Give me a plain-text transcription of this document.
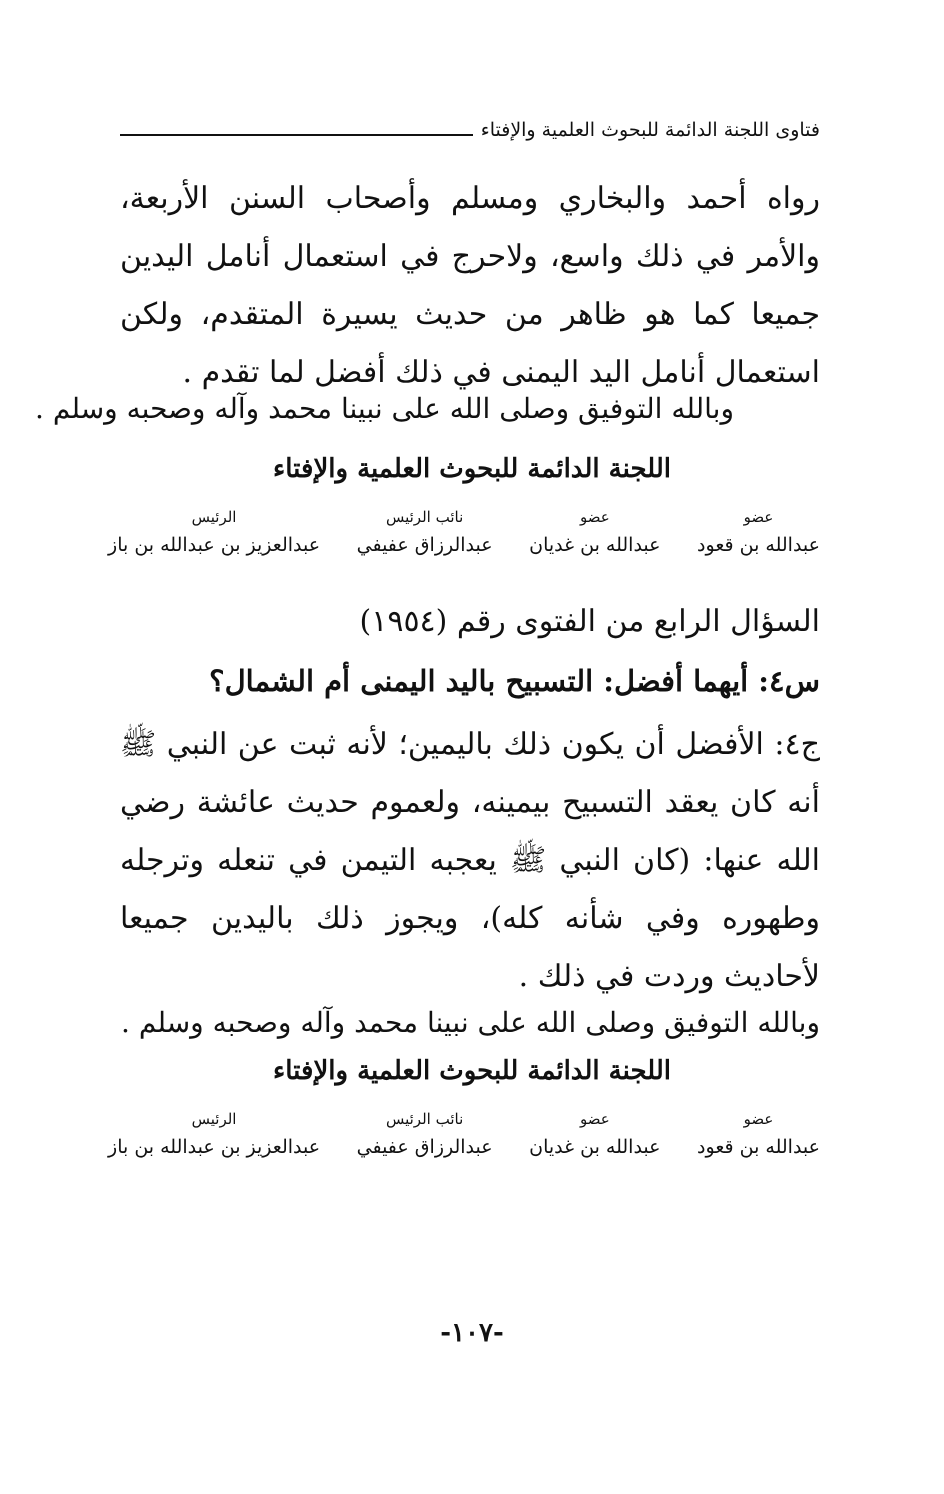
فتاوى اللجنة الدائمة للبحوث العلمية والإفتاء
رواه أحمد والبخاري ومسلم وأصحاب السنن الأربعة، والأمر في ذلك واسع، ولاحرج في استعمال أنامل اليدين جميعا كما هو ظاهر من حديث يسيرة المتقدم، ولكن استعمال أنامل اليد اليمنى في ذلك أفضل لما تقدم .
وبالله التوفيق وصلى الله على نبينا محمد وآله وصحبه وسلم .
اللجنة الدائمة للبحوث العلمية والإفتاء
عضو
عبدالله بن قعود
عضو
عبدالله بن غديان
نائب الرئيس
عبدالرزاق عفيفي
الرئيس
عبدالعزيز بن عبدالله بن باز
السؤال الرابع من الفتوى رقم (١٩٥٤)
س٤: أيهما أفضل: التسبيح باليد اليمنى أم الشمال؟
ج٤: الأفضل أن يكون ذلك باليمين؛ لأنه ثبت عن النبي ﷺ أنه كان يعقد التسبيح بيمينه، ولعموم حديث عائشة رضي الله عنها: (كان النبي ﷺ يعجبه التيمن في تنعله وترجله وطهوره وفي شأنه كله)، ويجوز ذلك باليدين جميعا لأحاديث وردت في ذلك .
وبالله التوفيق وصلى الله على نبينا محمد وآله وصحبه وسلم .
اللجنة الدائمة للبحوث العلمية والإفتاء
عضو
عبدالله بن قعود
عضو
عبدالله بن غديان
نائب الرئيس
عبدالرزاق عفيفي
الرئيس
عبدالعزيز بن عبدالله بن باز
-١٠٧-
